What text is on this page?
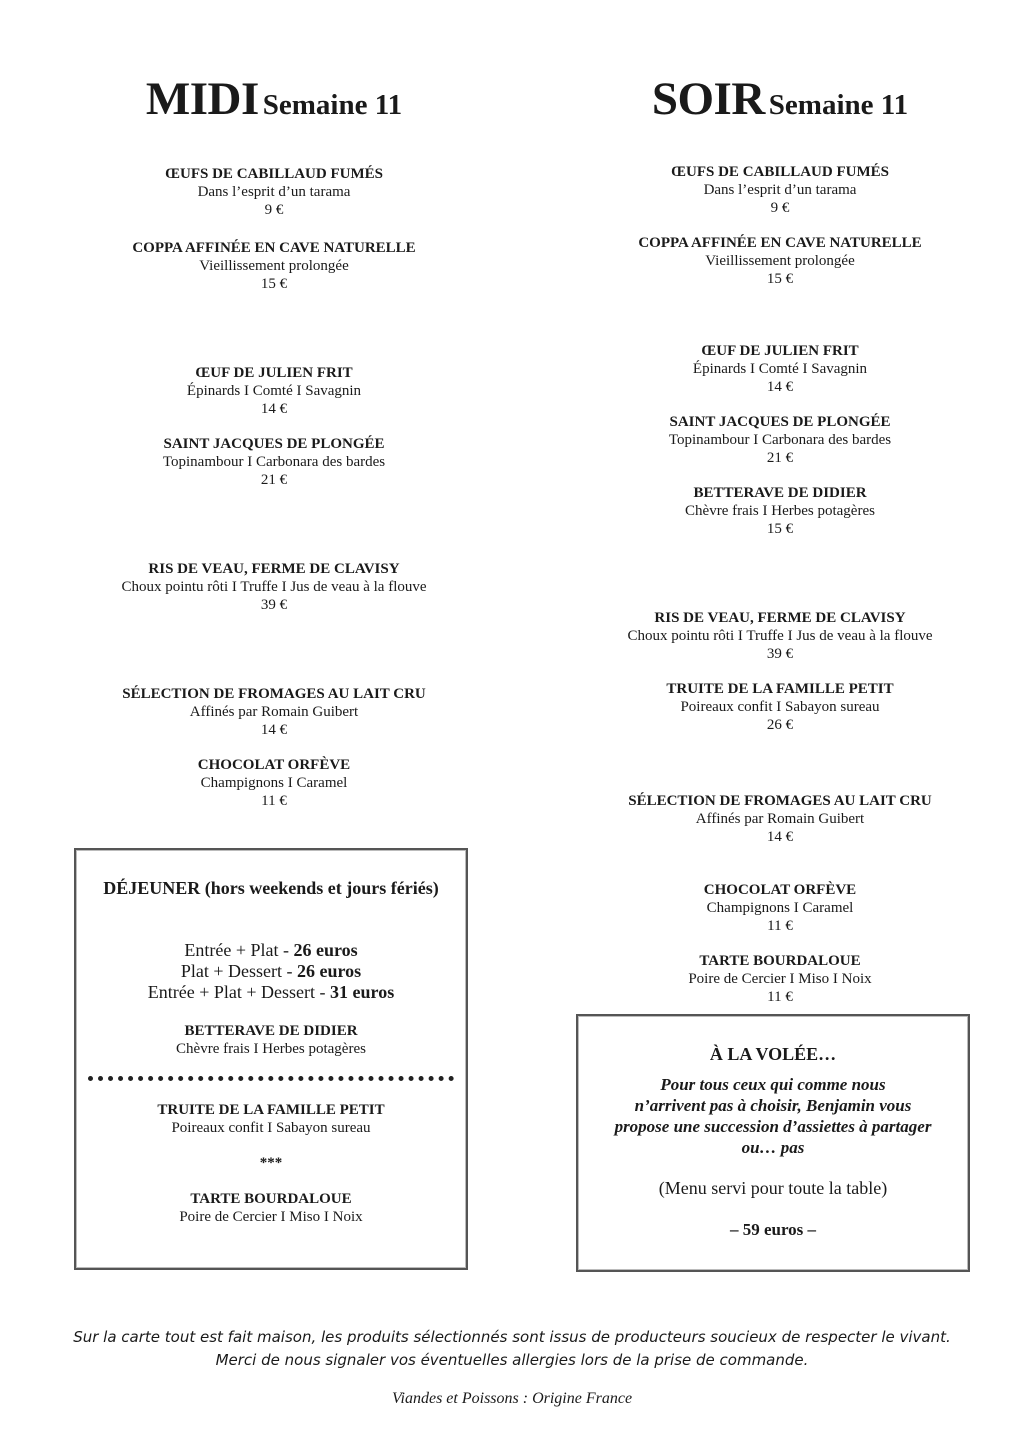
MIDI Semaine 11
ŒUFS DE CABILLAUD FUMÉS
Dans l’esprit d’un tarama
9 €
COPPA AFFINÉE EN CAVE NATURELLE
Vieillissement prolongée
15 €
ŒUF DE JULIEN FRIT
Épinards I Comté I Savagnin
14 €
SAINT JACQUES DE PLONGÉE
Topinambour I Carbonara des bardes
21 €
RIS DE VEAU, FERME DE CLAVISY
Choux pointu rôti I Truffe I Jus de veau à la flouve
39 €
SÉLECTION DE FROMAGES AU LAIT CRU
Affinés par Romain Guibert
14 €
CHOCOLAT ORFÈVE
Champignons I Caramel
11 €
SOIR Semaine 11
ŒUFS DE CABILLAUD FUMÉS
Dans l’esprit d’un tarama
9 €
COPPA AFFINÉE EN CAVE NATURELLE
Vieillissement prolongée
15 €
ŒUF DE JULIEN FRIT
Épinards I Comté I Savagnin
14 €
SAINT JACQUES DE PLONGÉE
Topinambour I Carbonara des bardes
21 €
BETTERAVE DE DIDIER
Chèvre frais I Herbes potagères
15 €
RIS DE VEAU, FERME DE CLAVISY
Choux pointu rôti I Truffe I Jus de veau à la flouve
39 €
TRUITE DE LA FAMILLE PETIT
Poireaux confit I Sabayon sureau
26 €
SÉLECTION DE FROMAGES AU LAIT CRU
Affinés par Romain Guibert
14 €
CHOCOLAT ORFÈVE
Champignons I Caramel
11 €
TARTE BOURDALOUE
Poire de Cercier I Miso I Noix
11 €
DÉJEUNER (hors weekends et jours fériés)
Entrée + Plat - 26 euros
Plat + Dessert - 26 euros
Entrée + Plat + Dessert - 31 euros
BETTERAVE DE DIDIER
Chèvre frais I Herbes potagères
TRUITE DE LA FAMILLE PETIT
Poireaux confit I Sabayon sureau
***
TARTE BOURDALOUE
Poire de Cercier I Miso I Noix
À LA VOLÉE…
Pour tous ceux qui comme nous
n’arrivent pas à choisir, Benjamin vous
propose une succession d’assiettes à partager
ou… pas
(Menu servi pour toute la table)
– 59 euros –
Sur la carte tout est fait maison, les produits sélectionnés sont issus de producteurs soucieux de respecter le vivant.
Merci de nous signaler vos éventuelles allergies lors de la prise de commande.
Viandes et Poissons : Origine France
